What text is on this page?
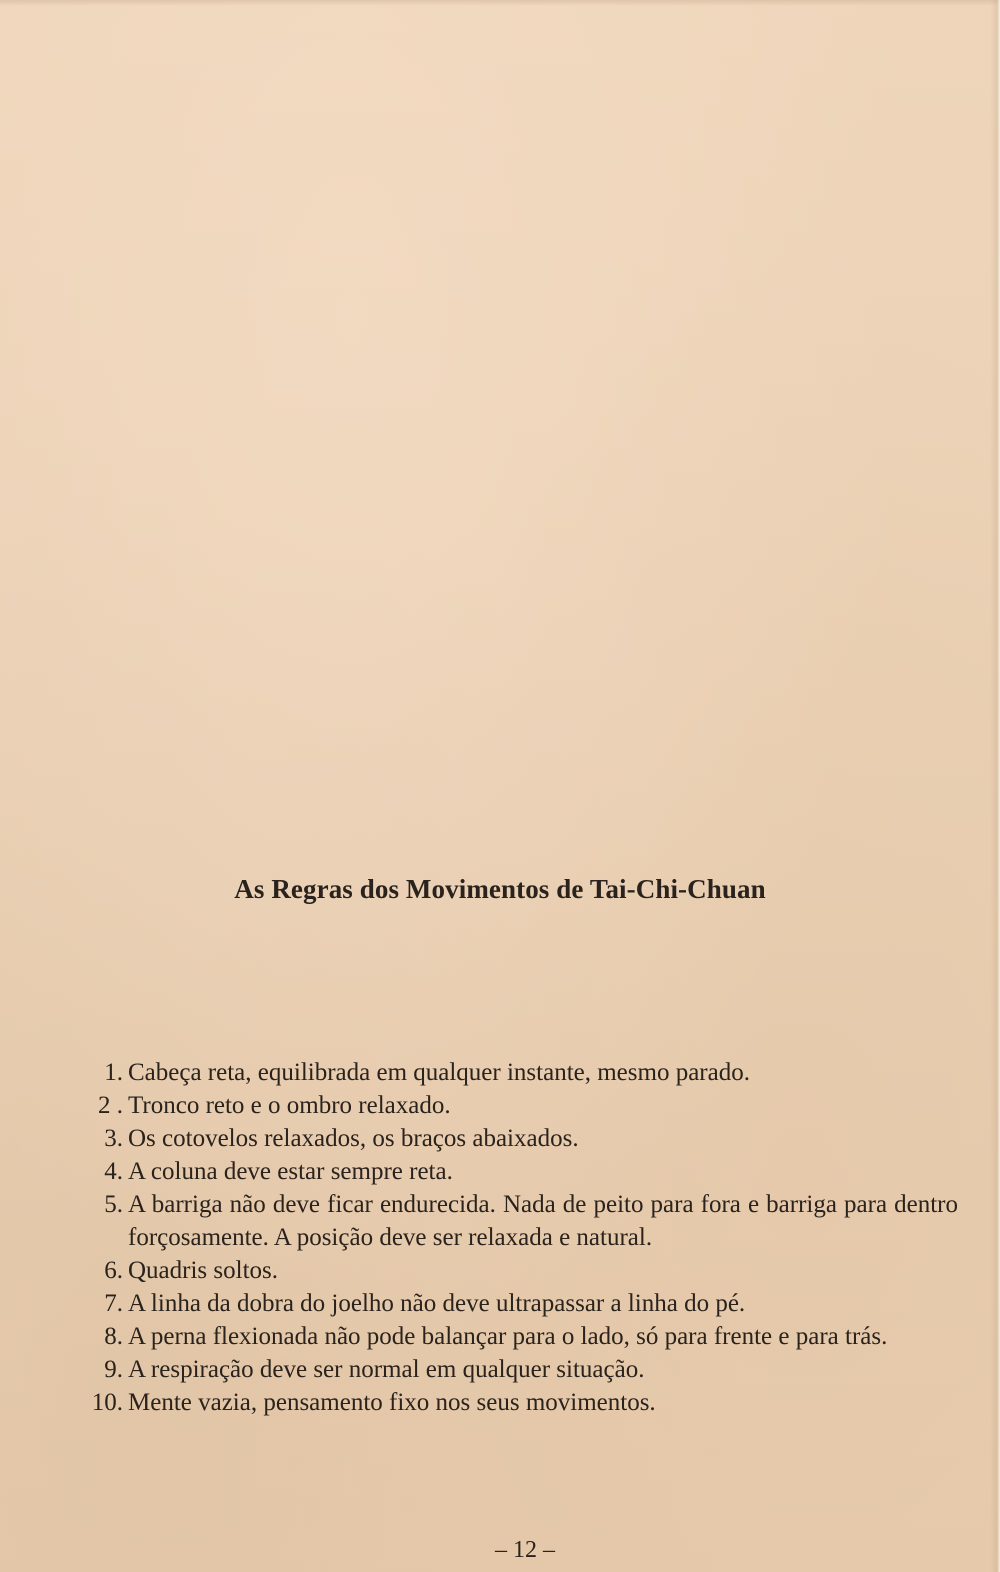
As Regras dos Movimentos de Tai-Chi-Chuan
1. Cabeça reta, equilibrada em qualquer instante, mesmo parado.
2 . Tronco reto e o ombro relaxado.
3. Os cotovelos relaxados, os braços abaixados.
4. A coluna deve estar sempre reta.
5. A barriga não deve ficar endurecida. Nada de peito para fora e barriga para dentro forçosamente. A posição deve ser relaxada e natural.
6. Quadris soltos.
7. A linha da dobra do joelho não deve ultrapassar a linha do pé.
8. A perna flexionada não pode balançar para o lado, só para frente e para trás.
9. A respiração deve ser normal em qualquer situação.
10. Mente vazia, pensamento fixo nos seus movimentos.
– 12 –
